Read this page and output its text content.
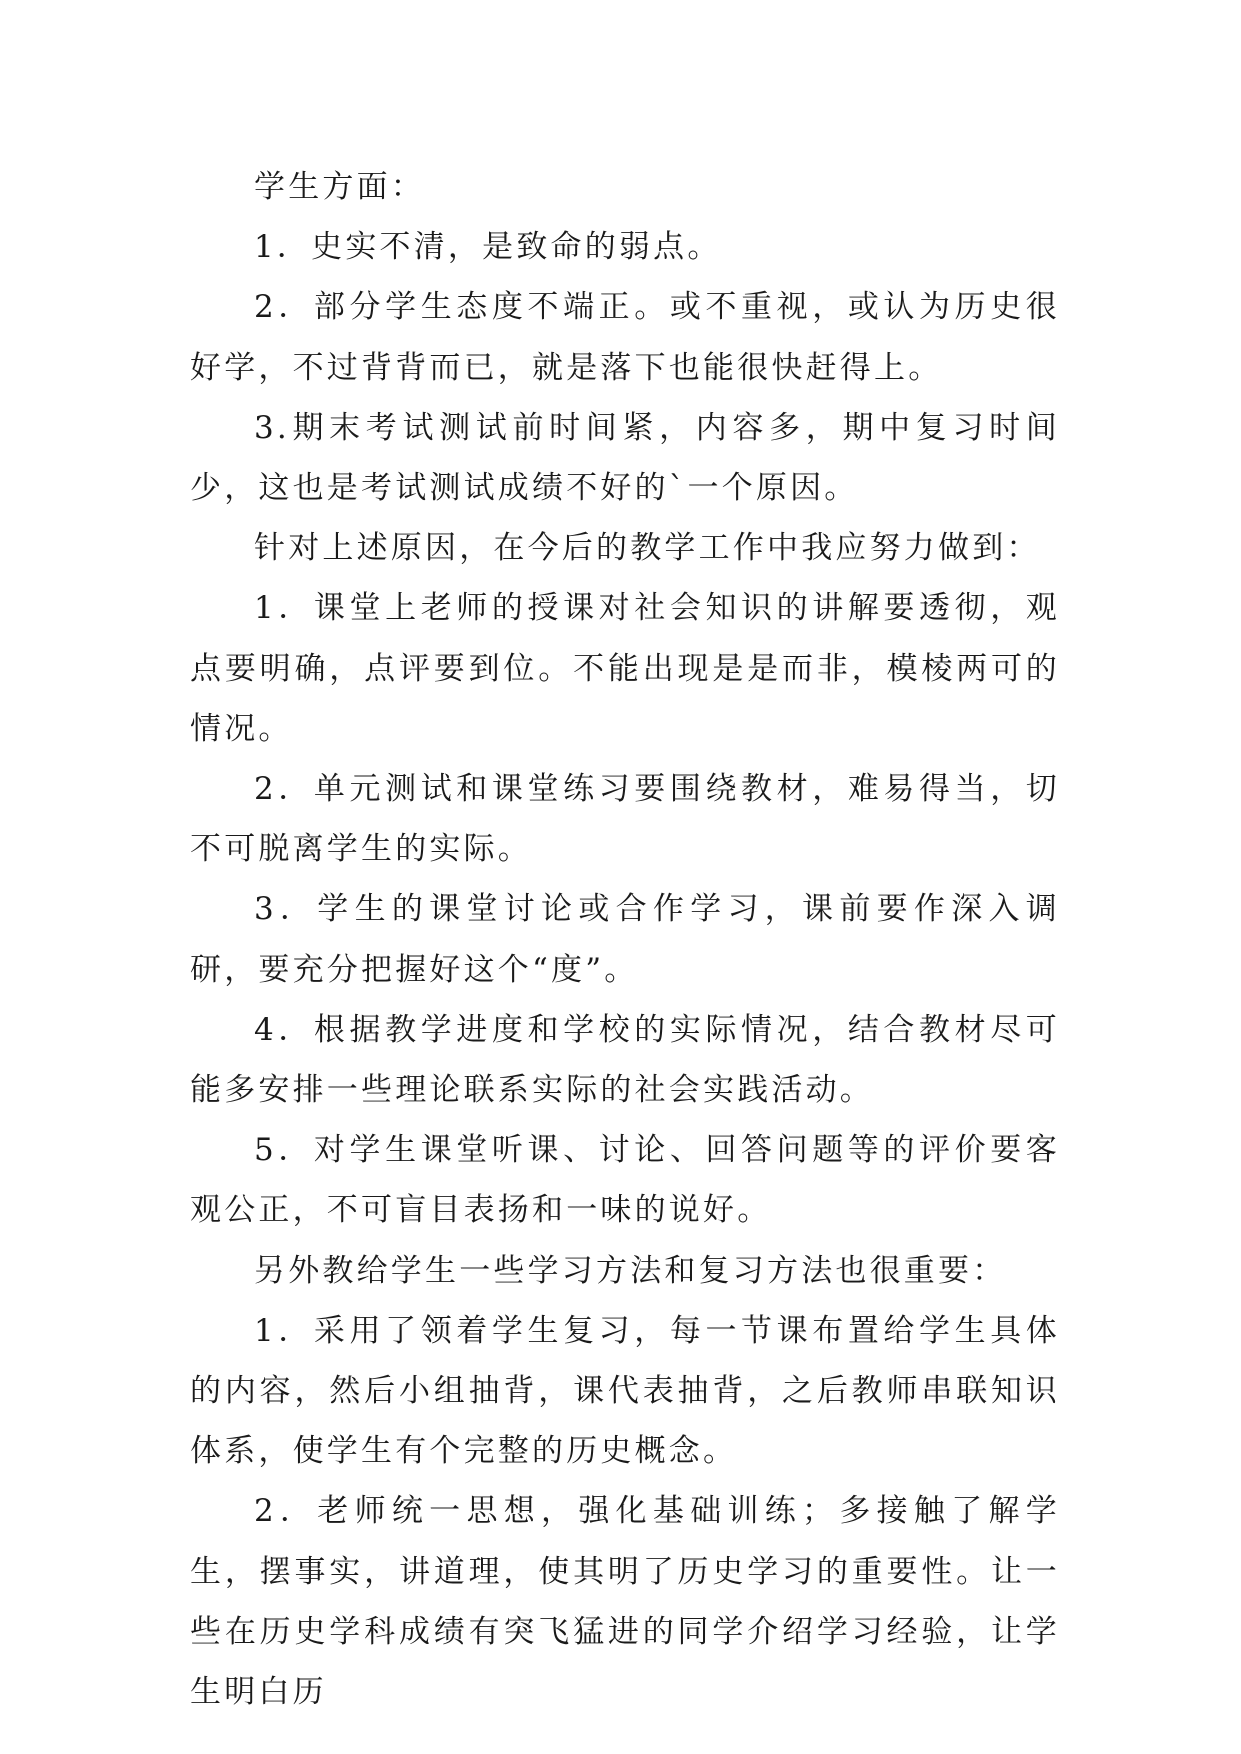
学生方面：

1．史实不清，是致命的弱点。

2．部分学生态度不端正。或不重视，或认为历史很好学，不过背背而已，就是落下也能很快赶得上。

3.期末考试测试前时间紧，内容多，期中复习时间少，这也是考试测试成绩不好的`一个原因。

针对上述原因，在今后的教学工作中我应努力做到：

1．课堂上老师的授课对社会知识的讲解要透彻，观点要明确，点评要到位。不能出现是是而非，模棱两可的情况。

2．单元测试和课堂练习要围绕教材，难易得当，切不可脱离学生的实际。

3．学生的课堂讨论或合作学习，课前要作深入调研，要充分把握好这个“度”。

4．根据教学进度和学校的实际情况，结合教材尽可能多安排一些理论联系实际的社会实践活动。

5．对学生课堂听课、讨论、回答问题等的评价要客观公正，不可盲目表扬和一味的说好。

另外教给学生一些学习方法和复习方法也很重要：

1．采用了领着学生复习，每一节课布置给学生具体的内容，然后小组抽背，课代表抽背，之后教师串联知识体系，使学生有个完整的历史概念。

2．老师统一思想，强化基础训练；多接触了解学生，摆事实，讲道理，使其明了历史学习的重要性。让一些在历史学科成绩有突飞猛进的同学介绍学习经验，让学生明白历
